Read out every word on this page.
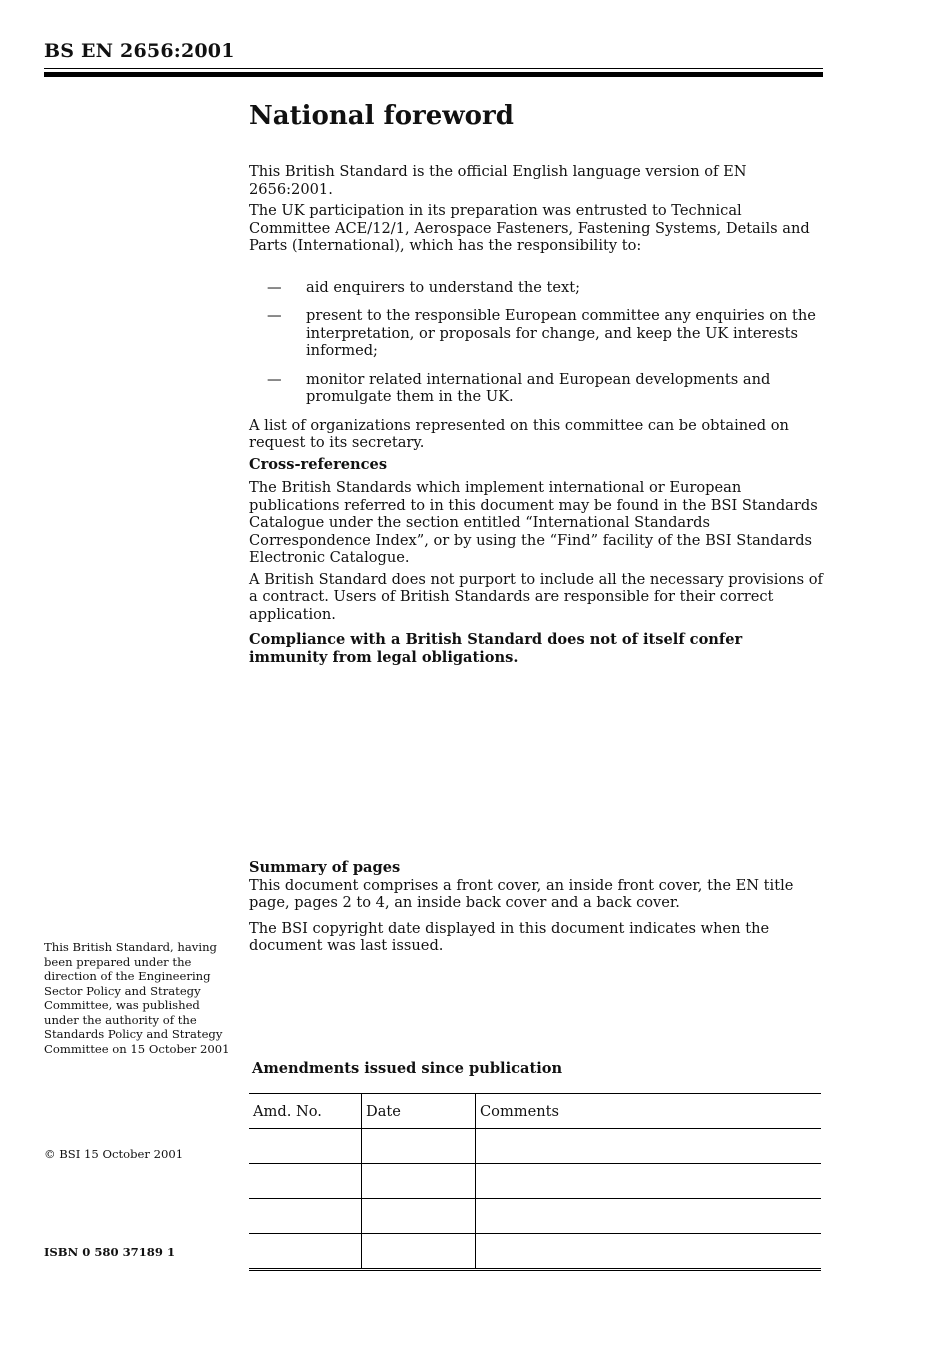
BS EN 2656:2001
National foreword

This British Standard is the official English language version of EN 2656:2001.

The UK participation in its preparation was entrusted to Technical Committee ACE/12/1, Aerospace Fasteners, Fastening Systems, Details and Parts (International), which has the responsibility to:

— aid enquirers to understand the text;
— present to the responsible European committee any enquiries on the interpretation, or proposals for change, and keep the UK interests informed;
— monitor related international and European developments and promulgate them in the UK.

A list of organizations represented on this committee can be obtained on request to its secretary.

Cross-references

The British Standards which implement international or European publications referred to in this document may be found in the BSI Standards Catalogue under the section entitled “International Standards Correspondence Index”, or by using the “Find” facility of the BSI Standards Electronic Catalogue.

A British Standard does not purport to include all the necessary provisions of a contract. Users of British Standards are responsible for their correct application.

Compliance with a British Standard does not of itself confer immunity from legal obligations.

Summary of pages

This document comprises a front cover, an inside front cover, the EN title page, pages 2 to 4, an inside back cover and a back cover.

The BSI copyright date displayed in this document indicates when the document was last issued.

This British Standard, having been prepared under the direction of the Engineering Sector Policy and Strategy Committee, was published under the authority of the Standards Policy and Strategy Committee on 15 October 2001
© BSI 15 October 2001
ISBN 0 580 37189 1
Amendments issued since publication
Amd. No.	Date	Comments
